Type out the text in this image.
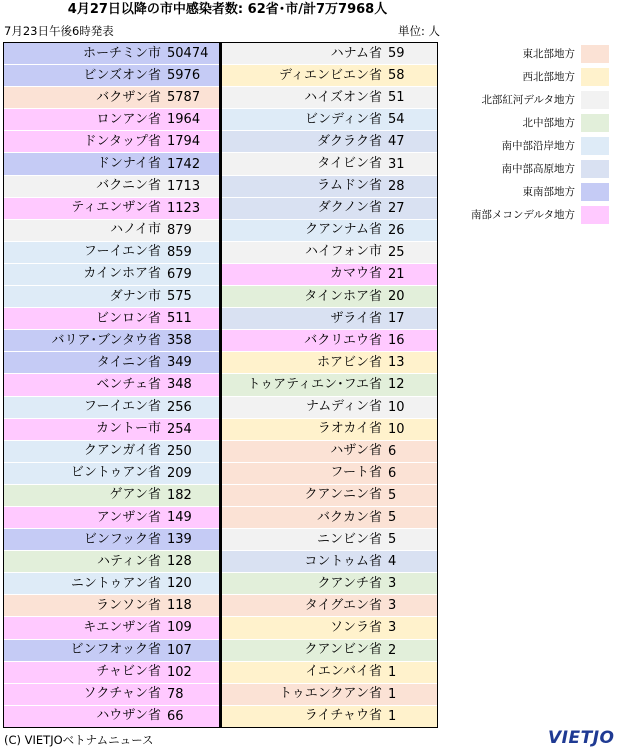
4月27日以降の市中感染者数: 62省･市/計7万7968人
7月23日午後6時発表	単位: 人
ホーチミン市 50474
ビンズオン省 5976
バクザン省 5787
ロンアン省 1964
ドンタップ省 1794
ドンナイ省 1742
バクニン省 1713
ティエンザン省 1123
ハノイ市 879
フーイエン省 859
カインホア省 679
ダナン市 575
ビンロン省 511
バリア･ブンタウ省 358
タイニン省 349
ベンチェ省 348
フーイエン省 256
カントー市 254
クアンガイ省 250
ビントゥアン省 209
ゲアン省 182
アンザン省 149
ビンフック省 139
ハティン省 128
ニントゥアン省 120
ランソン省 118
キエンザン省 109
ビンフオック省 107
チャビン省 102
ソクチャン省 78
ハウザン省 66
ハナム省 59
ディエンビエン省 58
ハイズオン省 51
ビンディン省 54
ダクラク省 47
タイビン省 31
ラムドン省 28
ダクノン省 27
クアンナム省 26
ハイフォン市 25
カマウ省 21
タインホア省 20
ザライ省 17
バクリエウ省 16
ホアビン省 13
トゥアティエン･フエ省 12
ナムディン省 10
ラオカイ省 10
ハザン省 6
フート省 6
クアンニン省 5
バクカン省 5
ニンビン省 5
コントゥム省 4
クアンチ省 3
タイグエン省 3
ソンラ省 3
クアンビン省 2
イエンバイ省 1
トゥエンクアン省 1
ライチャウ省 1
東北部地方
西北部地方
北部紅河デルタ地方
北中部地方
南中部沿岸地方
南中部高原地方
東南部地方
南部メコンデルタ地方
(C) VIETJOベトナムニュース	VIETJO
